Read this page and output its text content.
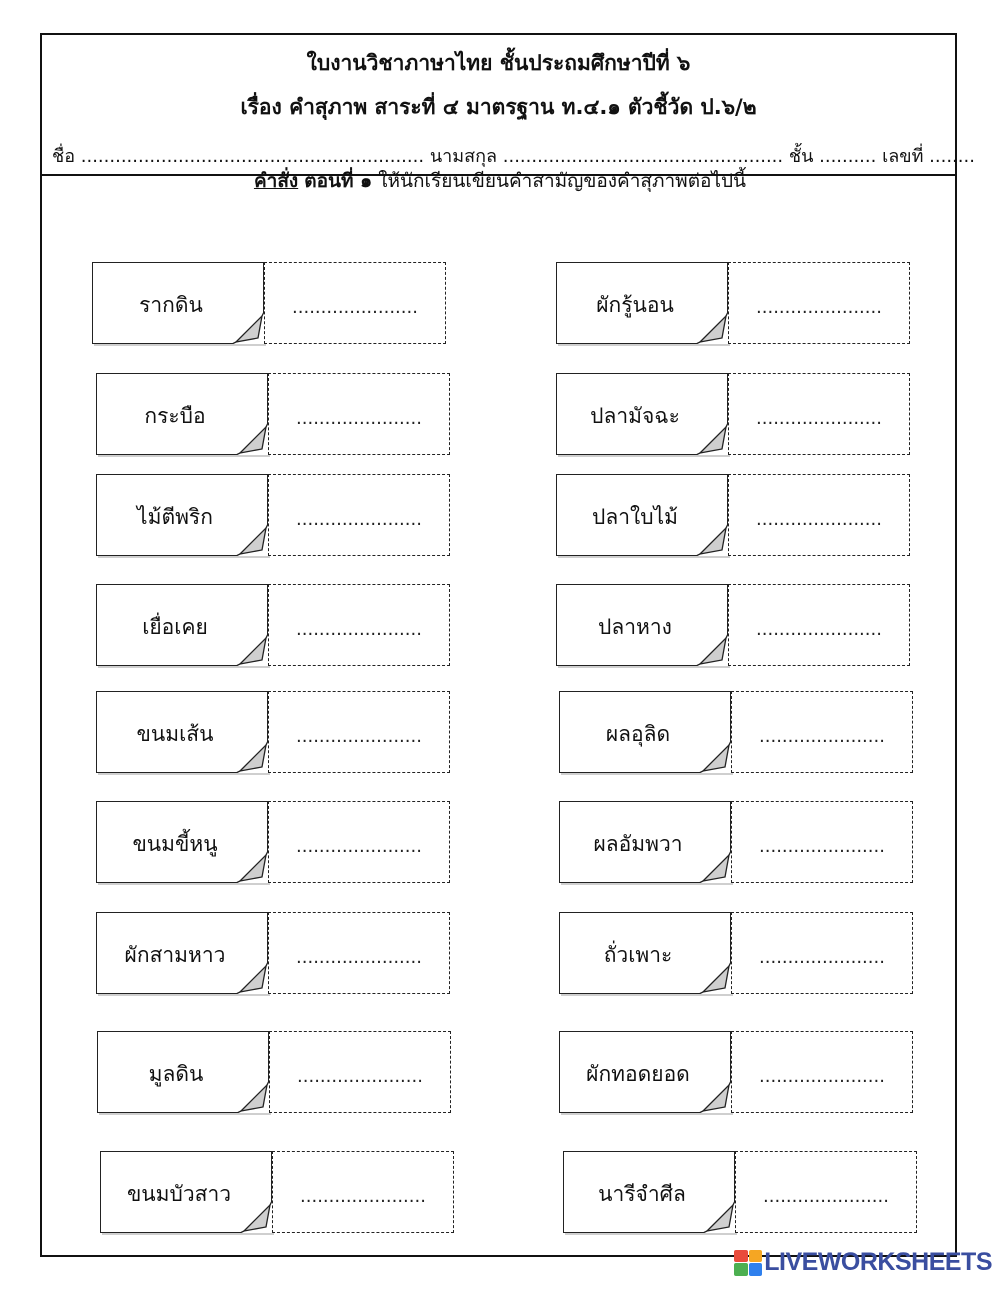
ใบงานวิชาภาษาไทย ชั้นประถมศึกษาปีที่ ๖
เรื่อง คำสุภาพ สาระที่ ๔ มาตรฐาน ท.๔.๑ ตัวชี้วัด ป.๖/๒
ชื่อ ............................................................ นามสกุล ................................................. ชั้น .......... เลขที่ ........
คำสั่ง ตอนที่ ๑ ให้นักเรียนเขียนคำสามัญของคำสุภาพต่อไปนี้
รากดิน	......................
กระบือ	......................
ไม้ตีพริก	......................
เยื่อเคย	......................
ขนมเส้น	......................
ขนมขี้หนู	......................
ผักสามหาว	......................
มูลดิน	......................
ขนมบัวสาว	......................
ผักรู้นอน	......................
ปลามัจฉะ	......................
ปลาใบไม้	......................
ปลาหาง	......................
ผลอุลิด	......................
ผลอัมพวา	......................
ถั่วเพาะ	......................
ผักทอดยอด	......................
นารีจำศีล	......................
LIVEWORKSHEETS
